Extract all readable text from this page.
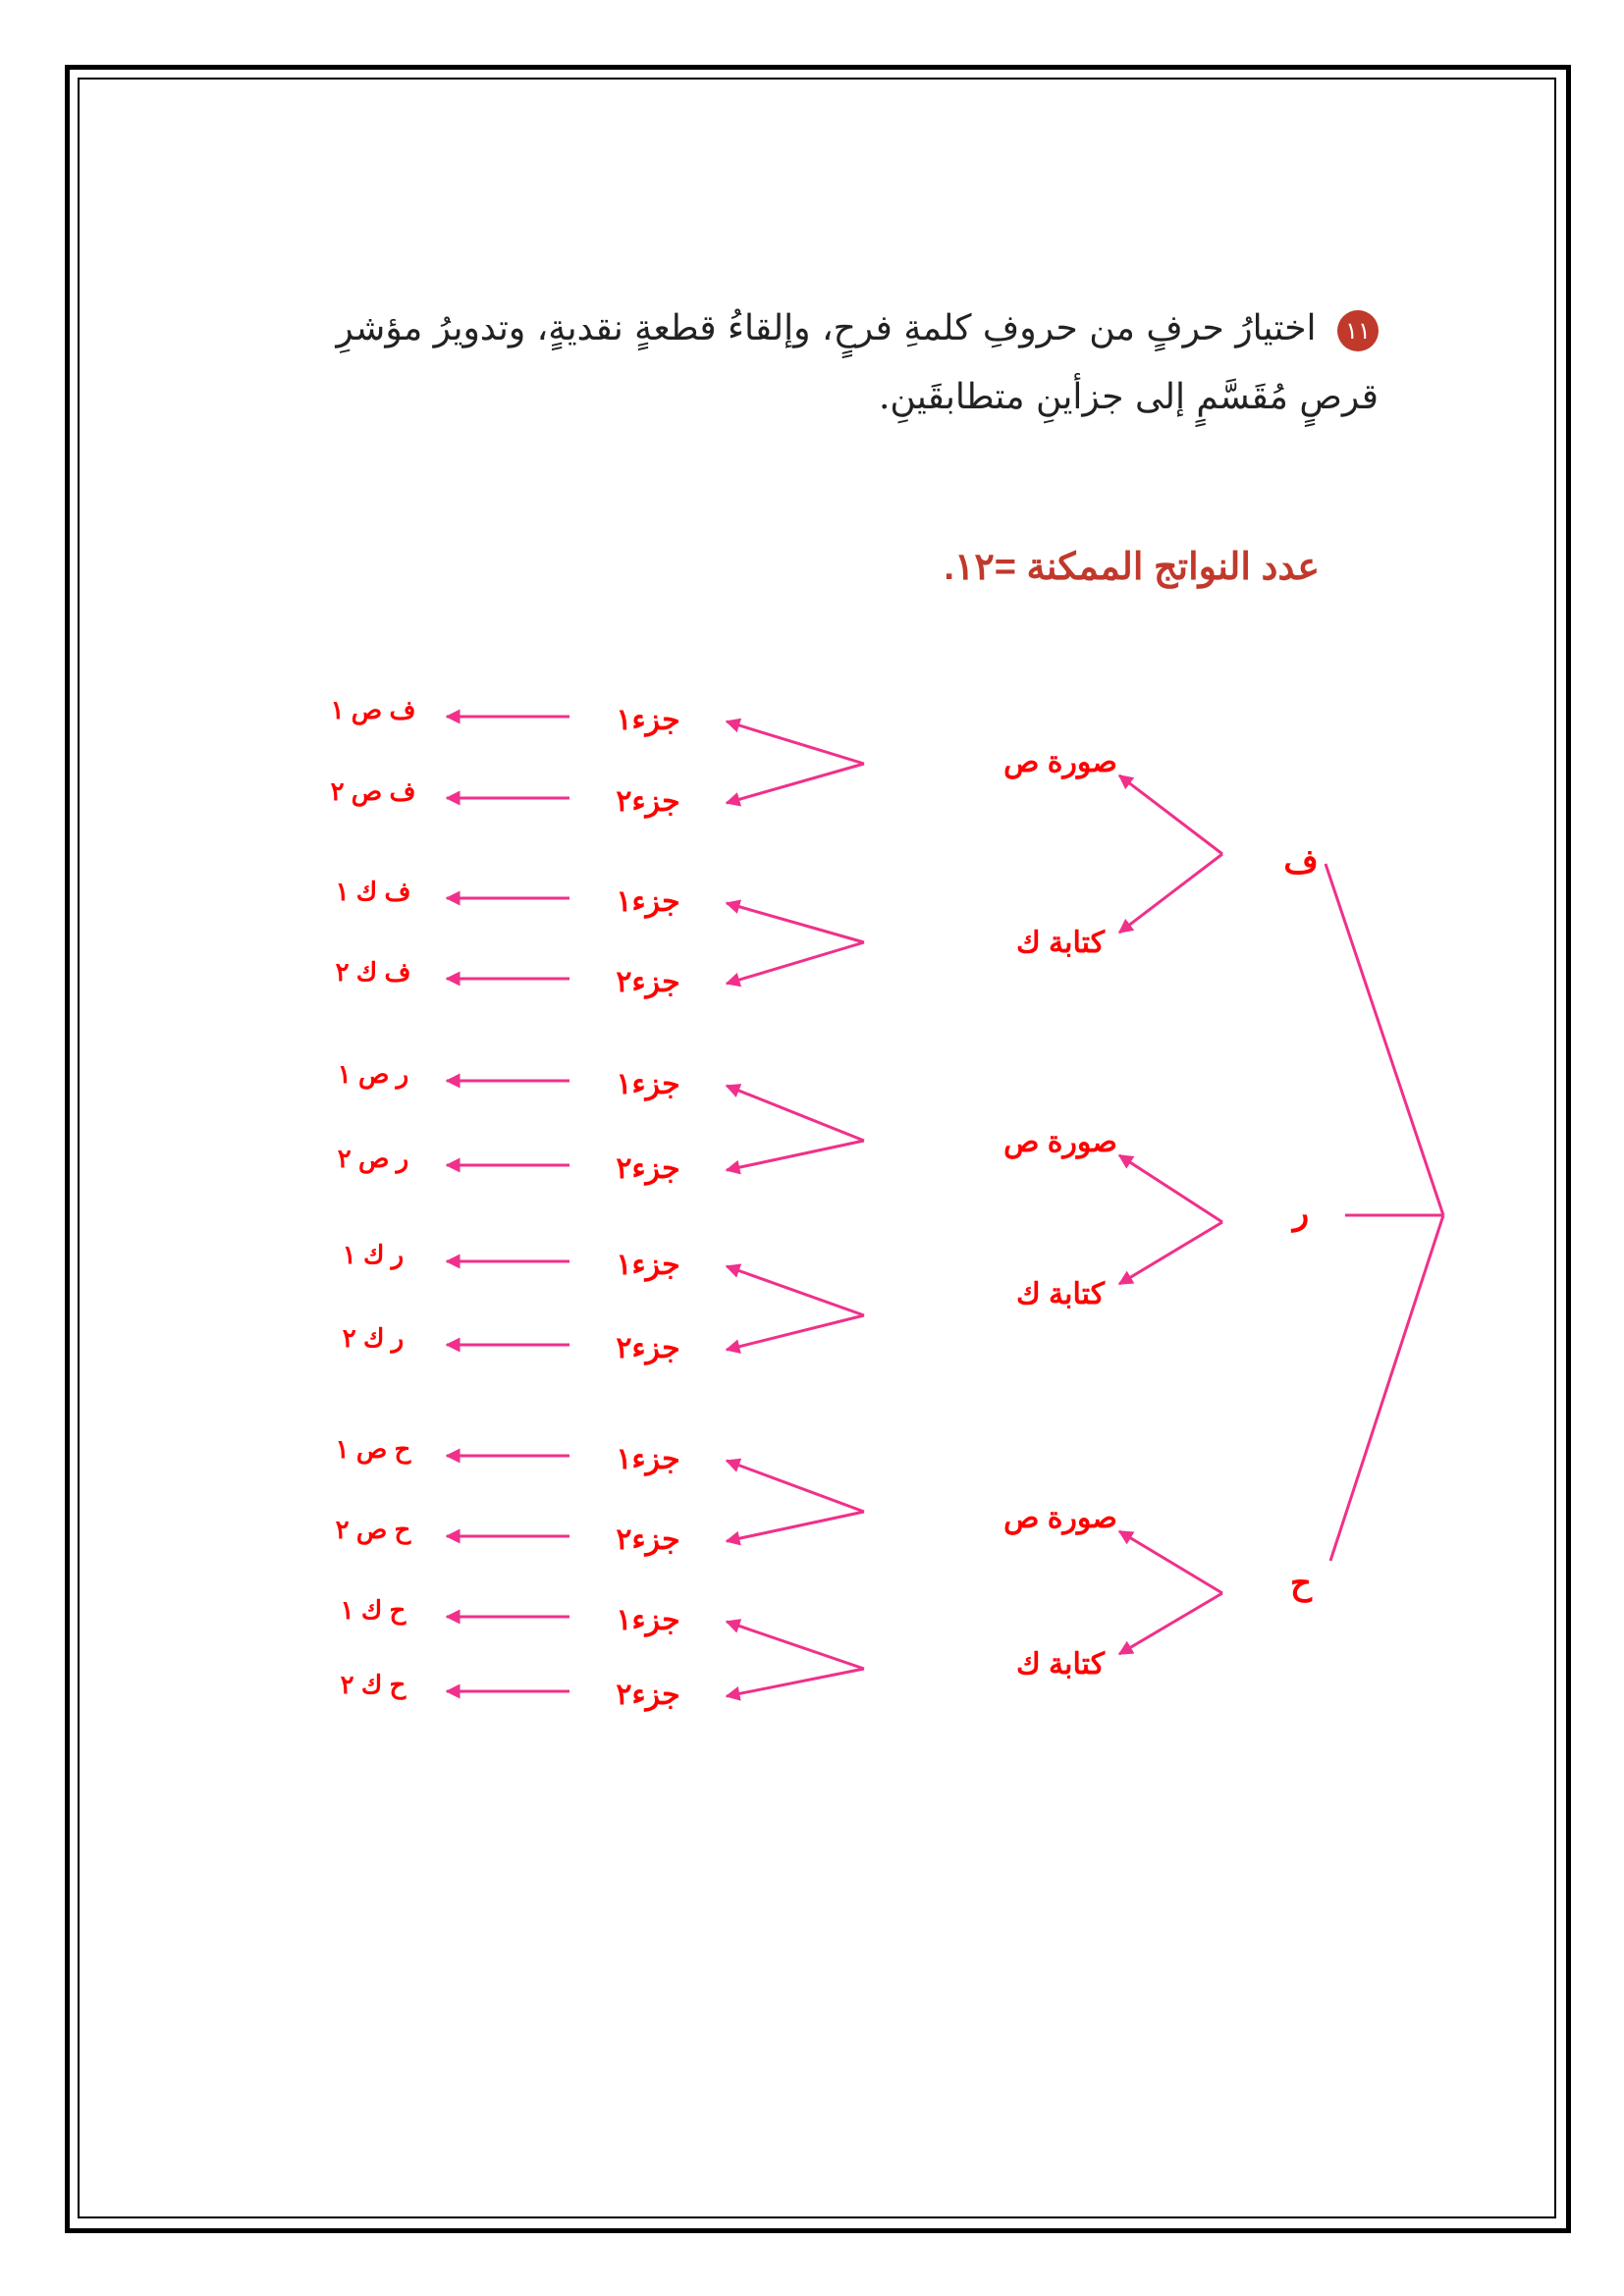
١١ اختيارُ حرفٍ من حروفِ كلمةِ فرحٍ، وإلقاءُ قطعةٍ نقديةٍ، وتدويرُ مؤشرِ قرصٍ مُقَسَّمٍ إلى جزأينِ متطابقَينِ.
عدد النواتج الممكنة =١٢.
ف
صورة ص
جزء١
ف ص ١
جزء٢
ف ص ٢
كتابة ك
جزء١
ف ك ١
جزء٢
ف ك ٢
ر
صورة ص
جزء١
ر ص ١
جزء٢
ر ص ٢
كتابة ك
جزء١
ر ك ١
جزء٢
ر ك ٢
ح
صورة ص
جزء١
ح ص ١
جزء٢
ح ص ٢
كتابة ك
جزء١
ح ك ١
جزء٢
ح ك ٢
